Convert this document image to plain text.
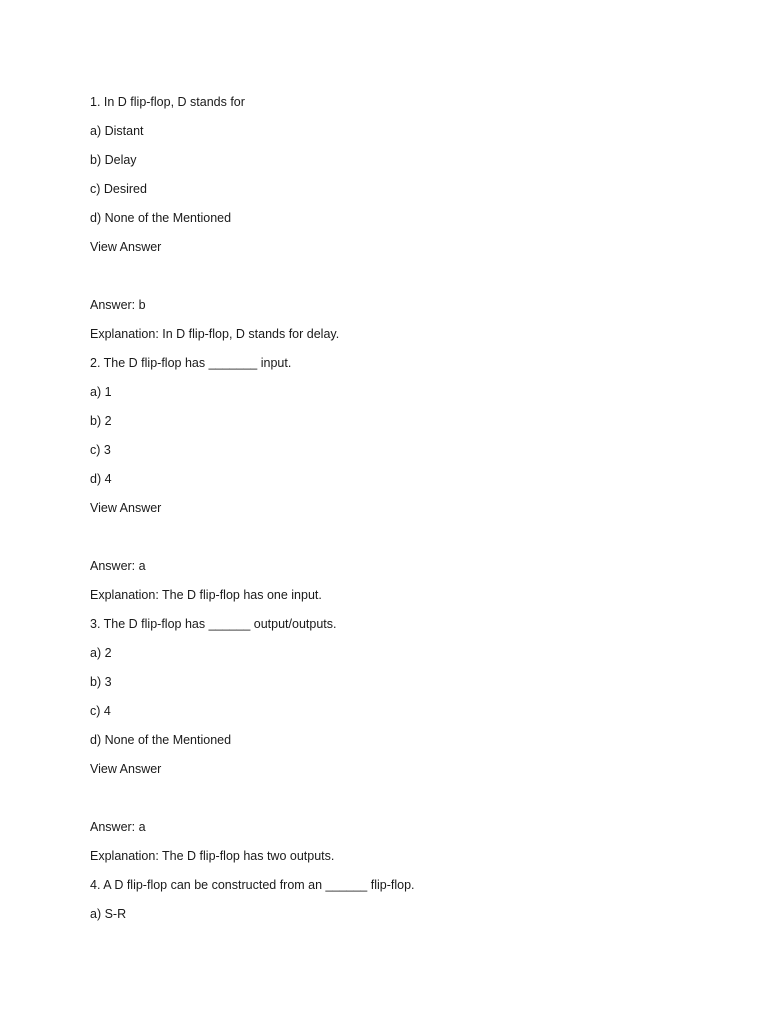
1. In D flip-flop, D stands for
a) Distant
b) Delay
c) Desired
d) None of the Mentioned
View Answer
Answer: b
Explanation: In D flip-flop, D stands for delay.
2. The D flip-flop has _______ input.
a) 1
b) 2
c) 3
d) 4
View Answer
Answer: a
Explanation: The D flip-flop has one input.
3. The D flip-flop has ______ output/outputs.
a) 2
b) 3
c) 4
d) None of the Mentioned
View Answer
Answer: a
Explanation: The D flip-flop has two outputs.
4. A D flip-flop can be constructed from an ______ flip-flop.
a) S-R
